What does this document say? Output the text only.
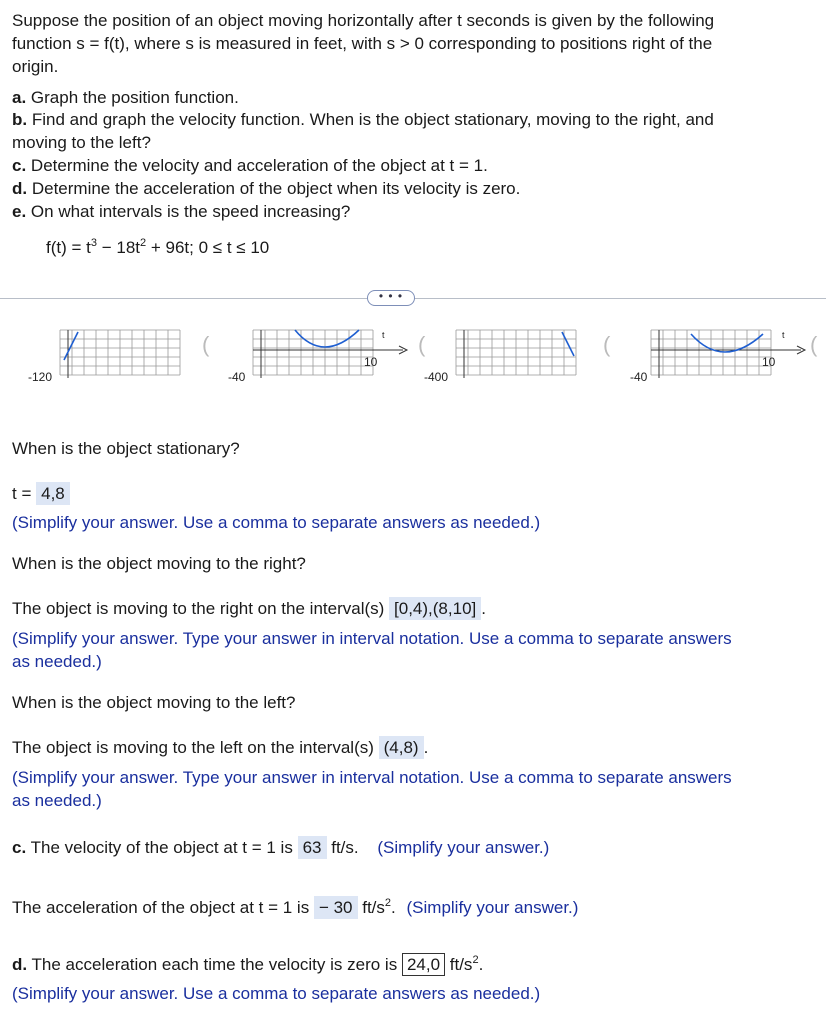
Suppose the position of an object moving horizontally after t seconds is given by the following
function s = f(t), where s is measured in feet, with s > 0 corresponding to positions right of the
origin.
a. Graph the position function.
b. Find and graph the velocity function. When is the object stationary, moving to the right, and
moving to the left?
c. Determine the velocity and acceleration of the object at t = 1.
d. Determine the acceleration of the object when its velocity is zero.
e. On what intervals is the speed increasing?
$f(t) = t^3 - 18t^2 + 96t$; 0 ≤ t ≤ 10
• • •
-120
(
-40
10
t (
-400
(
-40
10
t (
When is the object stationary?
t = 4,8
(Simplify your answer. Use a comma to separate answers as needed.)
When is the object moving to the right?
The object is moving to the right on the interval(s) [0,4),(8,10] .
(Simplify your answer. Type your answer in interval notation. Use a comma to separate answers
as needed.)
When is the object moving to the left?
The object is moving to the left on the interval(s) (4,8) .
(Simplify your answer. Type your answer in interval notation. Use a comma to separate answers
as needed.)
c. The velocity of the object at t = 1 is 63 ft/s. (Simplify your answer.)
The acceleration of the object at t = 1 is − 30 $ft/s^2$. (Simplify your answer.)
d. The acceleration each time the velocity is zero is 24,0 $ft/s^2$.
(Simplify your answer. Use a comma to separate answers as needed.)
